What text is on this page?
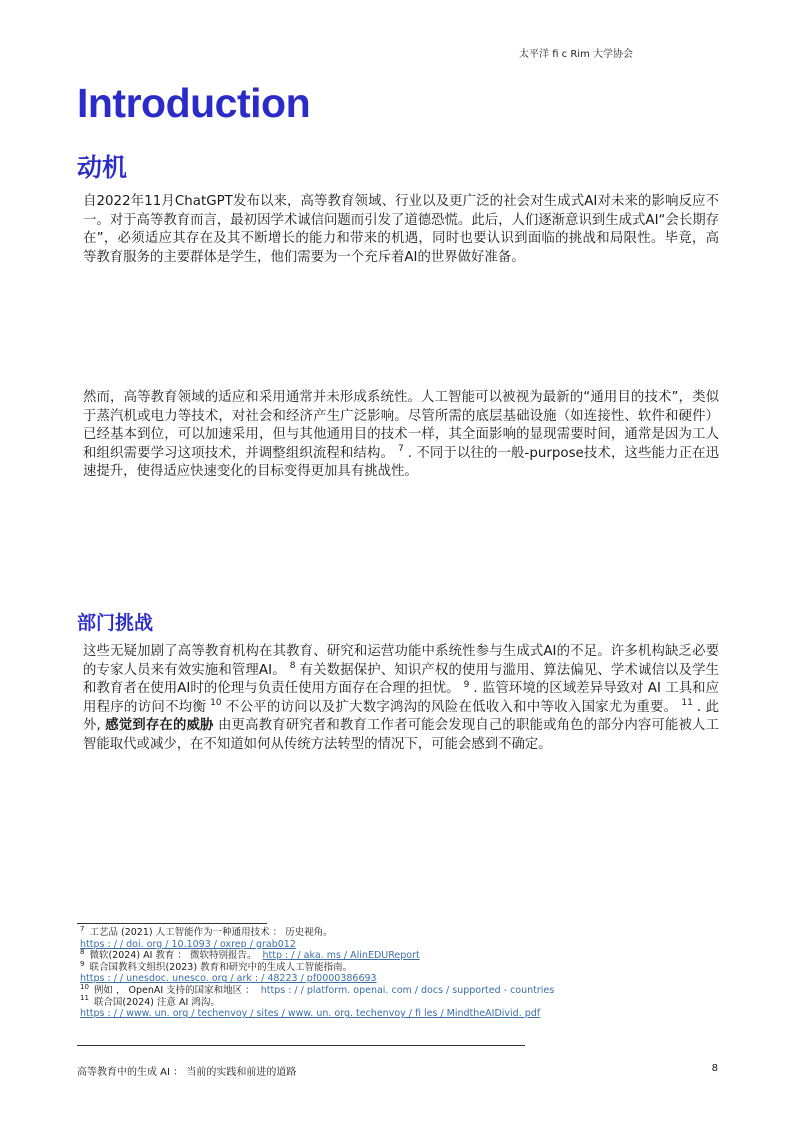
太平洋 fi c Rim 大学协会
Introduction
动机

自2022年11月ChatGPT发布以来，高等教育领域、行业以及更广泛的社会对生成式AI对未来的影响反应不一。对于高等教育而言，最初因学术诚信问题而引发了道德恐慌。此后，人们逐渐意识到生成式AI“会长期存在”，必须适应其存在及其不断增长的能力和带来的机遇，同时也要认识到面临的挑战和局限性。毕竟，高等教育服务的主要群体是学生，他们需要为一个充斥着AI的世界做好准备。

然而，高等教育领域的适应和采用通常并未形成系统性。人工智能可以被视为最新的“通用目的技术”，类似于蒸汽机或电力等技术，对社会和经济产生广泛影响。尽管所需的底层基础设施（如连接性、软件和硬件）已经基本到位，可以加速采用，但与其他通用目的技术一样，其全面影响的显现需要时间，通常是因为工人和组织需要学习这项技术，并调整组织流程和结构。 $^7$ . 不同于以往的一般-purpose技术，这些能力正在迅速提升，使得适应快速变化的目标变得更加具有挑战性。

部门挑战

这些无疑加剧了高等教育机构在其教育、研究和运营功能中系统性参与生成式AI的不足。许多机构缺乏必要的专家人员来有效实施和管理AI。 $^8$ 有关数据保护、知识产权的使用与滥用、算法偏见、学术诚信以及学生和教育者在使用AI时的伦理与负责任使用方面存在合理的担忧。 $^9$ . 监管环境的区域差异导致对 AI 工具和应用程序的访问不均衡 $^{10}$ 不公平的访问以及扩大数字鸿沟的风险在低收入和中等收入国家尤为重要。 $^{11}$ . 此外, 感觉到存在的威胁 由更高教育研究者和教育工作者可能会发现自己的职能或角色的部分内容可能被人工智能取代或减少，在不知道如何从传统方法转型的情况下，可能会感到不确定。

$^7$ 工艺品 (2021) 人工智能作为一种通用技术 ： 历史视角。
https : / / doi. org / 10.1093 / oxrep / grab012
$^8$ 微软(2024) AI 教育 ： 微软特别报告。 http : / / aka. ms / AlinEDUReport
$^9$ 联合国教科文组织(2023) 教育和研究中的生成人工智能指南。
https : / / unesdoc. unesco. org / ark : / 48223 / pf0000386693
$^{10}$ 例如 ， OpenAI 支持的国家和地区 ： https : / / platform. openai. com / docs / supported - countries
$^{11}$ 联合国(2024) 注意 AI 鸿沟。
https : / / www. un. org / techenvoy / sites / www. un. org. techenvoy / fi les / MindtheAIDivid. pdf
高等教育中的生成 AI ： 当前的实践和前进的道路	8
